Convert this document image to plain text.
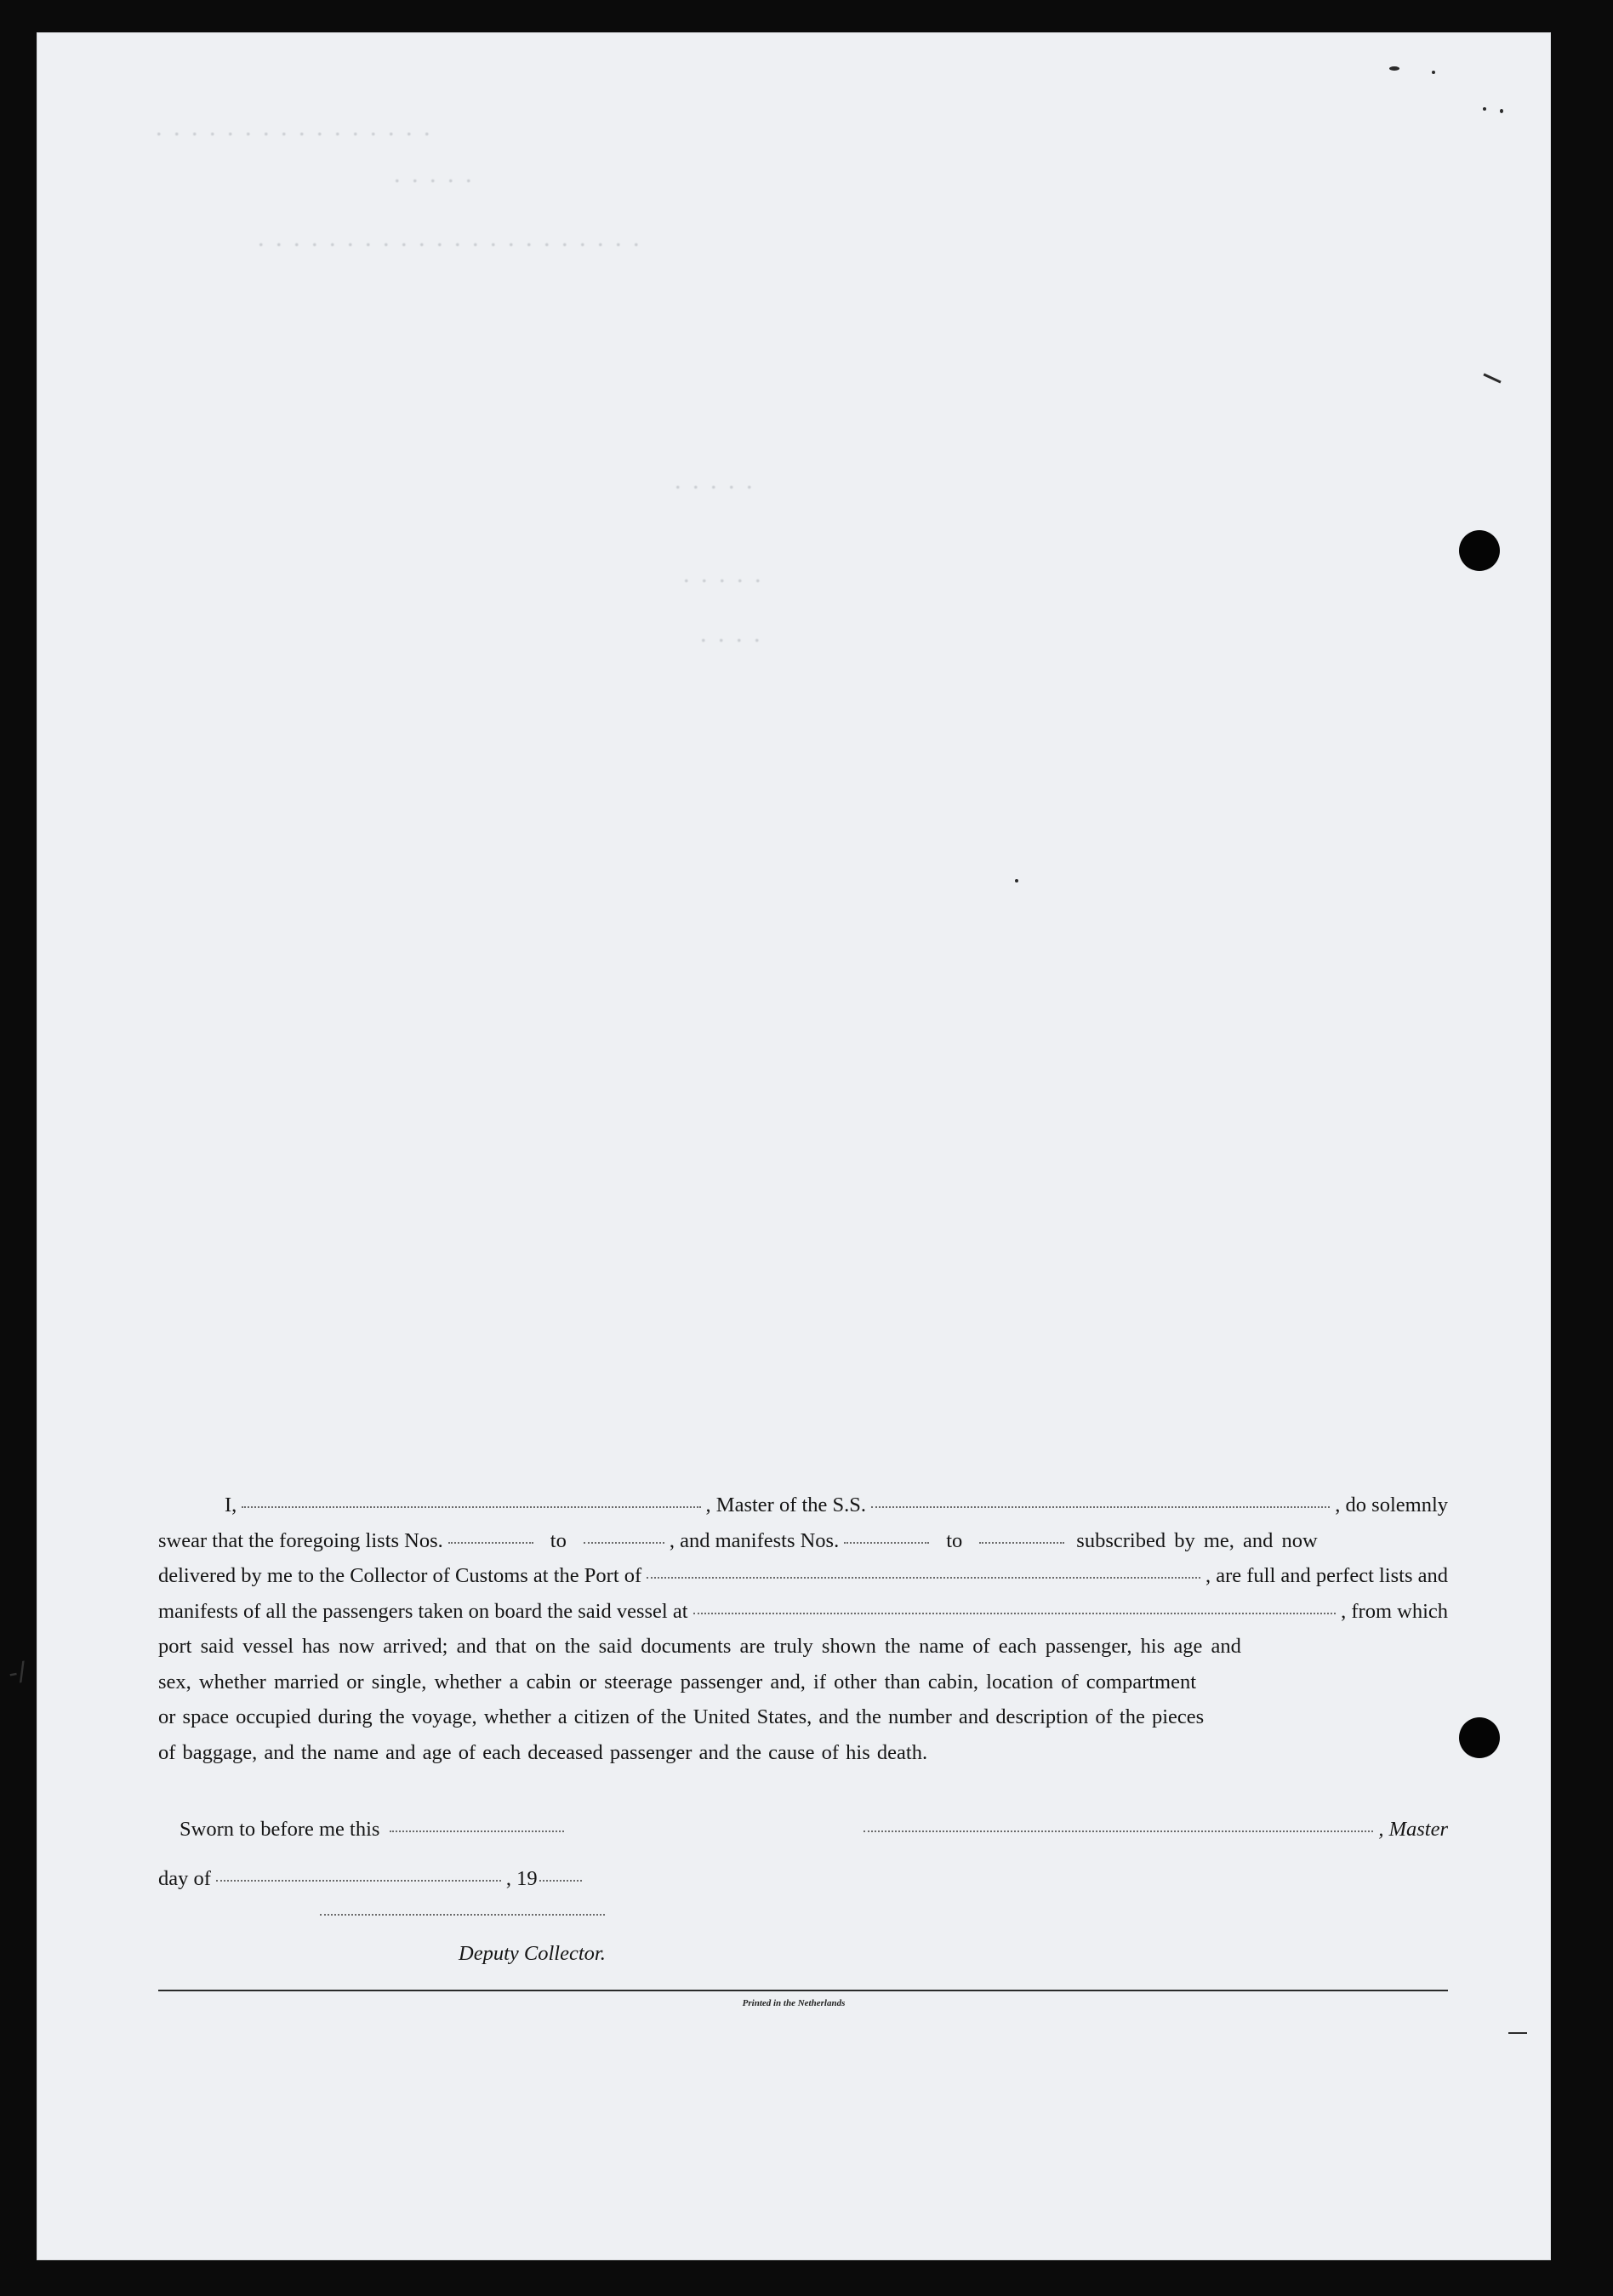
. . . . . . . . . . . . . . . .
. . . . .
. . . . . . . . . . . . . . . . . . . . . .
. . . . .
. . . . .
. . . .

I,	, Master of the S.S.	, do solemnly

swear that the foregoing lists Nos.	to	, and manifests Nos.	to	subscribed by me, and now

delivered by me to the Collector of Customs at the Port of	, are full and perfect lists and

manifests of all the passengers taken on board the said vessel at	, from which

port said vessel has now arrived; and that on the said documents are truly shown the name of each passenger, his age and

sex, whether married or single, whether a cabin or steerage passenger and, if other than cabin, location of compartment

or space occupied during the voyage, whether a citizen of the United States, and the number and description of the pieces

of baggage, and the name and age of each deceased passenger and the cause of his death.

Sworn to before me this	, Master
day of	, 19
Deputy Collector.
Printed in the Netherlands
-/
